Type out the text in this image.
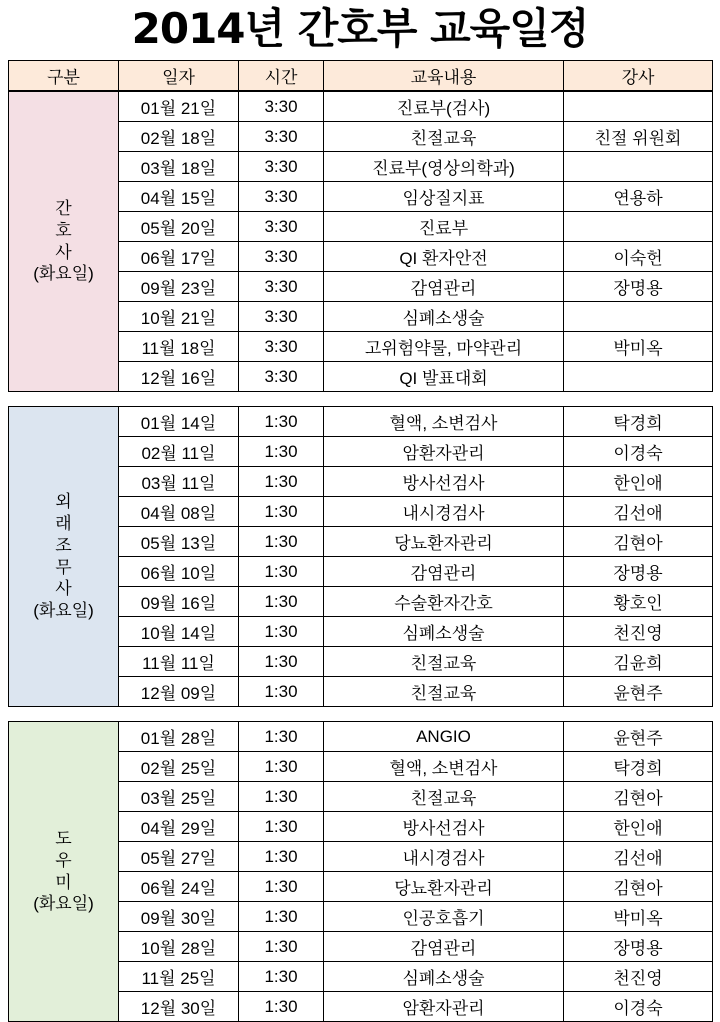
2014년 간호부 교육일정
구분	일자	시간	교육내용	강사
간
호
사
(화요일)	01월 21일	3:30	진료부(검사)	
	02월 18일	3:30	친절교육	친절 위원회
	03월 18일	3:30	진료부(영상의학과)	
	04월 15일	3:30	임상질지표	연용하
	05월 20일	3:30	진료부	
	06월 17일	3:30	QI 환자안전	이숙헌
	09월 23일	3:30	감염관리	장명용
	10월 21일	3:30	심폐소생술	
	11월 18일	3:30	고위험약물, 마약관리	박미옥
	12월 16일	3:30	QI 발표대회	
외
래
조
무
사
(화요일)
	01월 14일	1:30	혈액, 소변검사	탁경희
	02월 11일	1:30	암환자관리	이경숙
	03월 11일	1:30	방사선검사	한인애
	04월 08일	1:30	내시경검사	김선애
	05월 13일	1:30	당뇨환자관리	김현아
	06월 10일	1:30	감염관리	장명용
	09월 16일	1:30	수술환자간호	황호인
	10월 14일	1:30	심폐소생술	천진영
	11월 11일	1:30	친절교육	김윤희
	12월 09일	1:30	친절교육	윤현주
도
우
미
(화요일)	01월 28일	1:30	ANGIO	윤현주
	02월 25일	1:30	혈액, 소변검사	탁경희
	03월 25일	1:30	친절교육	김현아
	04월 29일	1:30	방사선검사	한인애
	05월 27일	1:30	내시경검사	김선애
	06월 24일	1:30	당뇨환자관리	김현아
	09월 30일	1:30	인공호흡기	박미옥
	10월 28일	1:30	감염관리	장명용
	11월 25일	1:30	심폐소생술	천진영
	12월 30일	1:30	암환자관리	이경숙
